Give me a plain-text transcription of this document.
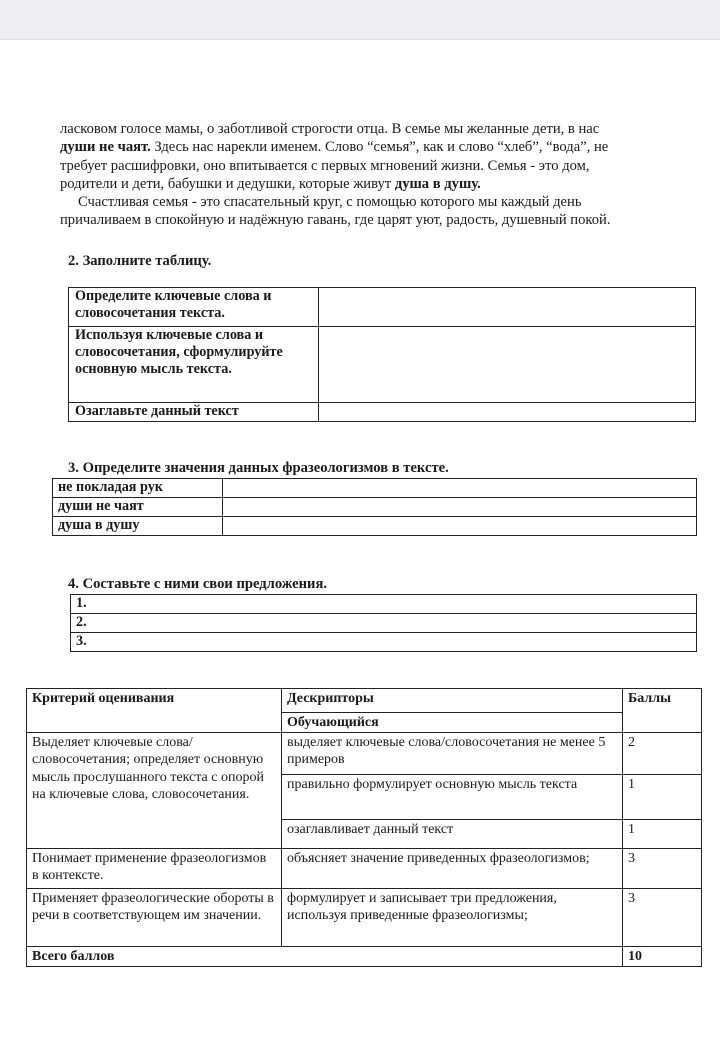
ласковом голосе мамы, о заботливой строгости отца. В семье мы желанные дети, в нас
души не чаят. Здесь нас нарекли именем. Слово “семья”, как и слово “хлеб”, “вода”, не
требует расшифровки, оно впитывается с первых мгновений жизни. Семья - это дом,
родители и дети, бабушки и дедушки, которые живут душа в душу.
Счастливая семья - это спасательный круг, с помощью которого мы каждый день
причаливаем в спокойную и надёжную гавань, где царят уют, радость, душевный покой.
2. Заполните таблицу.
Определите ключевые слова и словосочетания текста.	
Используя ключевые слова и словосочетания, сформулируйте основную мысль текста.	
Озаглавьте данный текст	
3. Определите значения данных фразеологизмов в тексте.
не покладая рук	
души не чаят	
душа в душу	
4. Составьте с ними свои предложения.
1.
2.
3.
Критерий оценивания	Дескрипторы	Баллы
	Обучающийся	
Выделяет ключевые слова/словосочетания; определяет основную мысль прослушанного текста с опорой на ключевые слова, словосочетания.	выделяет ключевые слова/словосочетания не менее 5 примеров	2
	правильно формулирует основную мысль текста	1
	озаглавливает данный текст	1
Понимает применение фразеологизмов в контексте.	объясняет значение приведенных фразеологизмов;	3
Применяет фразеологические обороты в речи в соответствующем им значении.	формулирует и записывает три предложения, используя приведенные фразеологизмы;	3
Всего баллов		10
